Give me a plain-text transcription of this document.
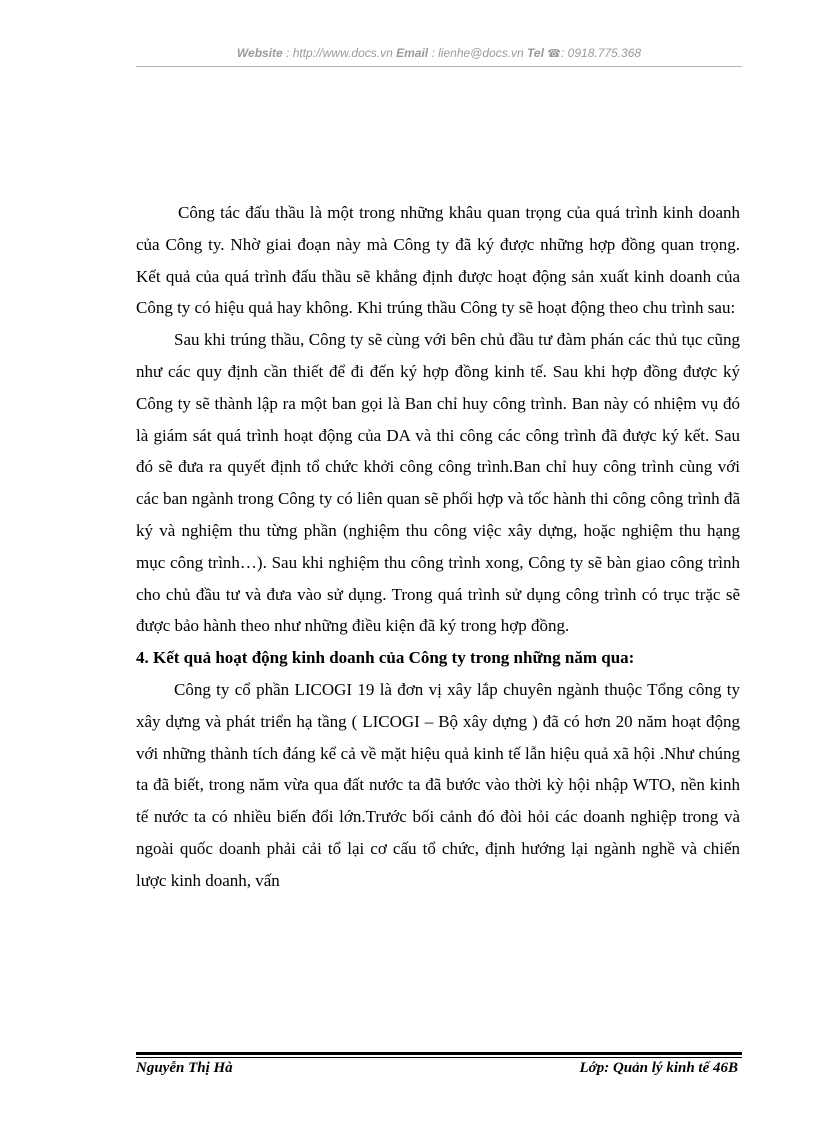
Website : http://www.docs.vn Email : lienhe@docs.vn Tel ☎: 0918.775.368

Công tác đấu thầu là một trong những khâu quan trọng của quá trình kinh doanh của Công ty. Nhờ giai đoạn này mà Công ty đã ký được những hợp đồng quan trọng. Kết quả của quá trình đấu thầu sẽ khẳng định được hoạt động sản xuất kinh doanh của Công ty có hiệu quả hay không. Khi trúng thầu Công ty sẽ hoạt động theo chu trình sau:

Sau khi trúng thầu, Công ty sẽ cùng với bên chủ đầu tư đàm phán các thủ tục cũng như các quy định cần thiết để đi đến ký hợp đồng kinh tế. Sau khi hợp đồng được ký Công ty sẽ thành lập ra một ban gọi là Ban chỉ huy công trình. Ban này có nhiệm vụ đó là giám sát quá trình hoạt động của DA và thi công các công trình đã được ký kết. Sau đó sẽ đưa ra quyết định tổ chức khởi công công trình.Ban chỉ huy công trình cùng với các ban ngành trong Công ty có liên quan sẽ phối hợp và tốc hành thi công công trình đã ký và nghiệm thu từng phần (nghiệm thu công việc xây dựng, hoặc nghiệm thu hạng mục công trình…). Sau khi nghiệm thu công trình xong, Công ty sẽ bàn giao công trình cho chủ đầu tư và đưa vào sử dụng. Trong quá trình sử dụng công trình có trục trặc sẽ được bảo hành theo như những điều kiện đã ký trong hợp đồng.

4. Kết quả hoạt động kinh doanh của Công ty trong những năm qua:

Công ty cổ phần LICOGI 19 là đơn vị xây lắp chuyên ngành thuộc Tổng công ty xây dựng và phát triển hạ tầng ( LICOGI – Bộ xây dựng ) đã có hơn 20 năm hoạt động với những thành tích đáng kể cả về mặt hiệu quả kinh tế lẫn hiệu quả xã hội .Như chúng ta đã biết, trong năm vừa qua đất nước ta đã bước vào thời kỳ hội nhập WTO, nền kinh tế nước ta có nhiều biến đổi lớn.Trước bối cảnh đó đòi hỏi các doanh nghiệp trong và ngoài quốc doanh phải cải tổ lại cơ cấu tổ chức, định hướng lại ngành nghề và chiến lược kinh doanh, vấn

Nguyễn Thị Hà	Lớp: Quản lý kinh tế 46B
